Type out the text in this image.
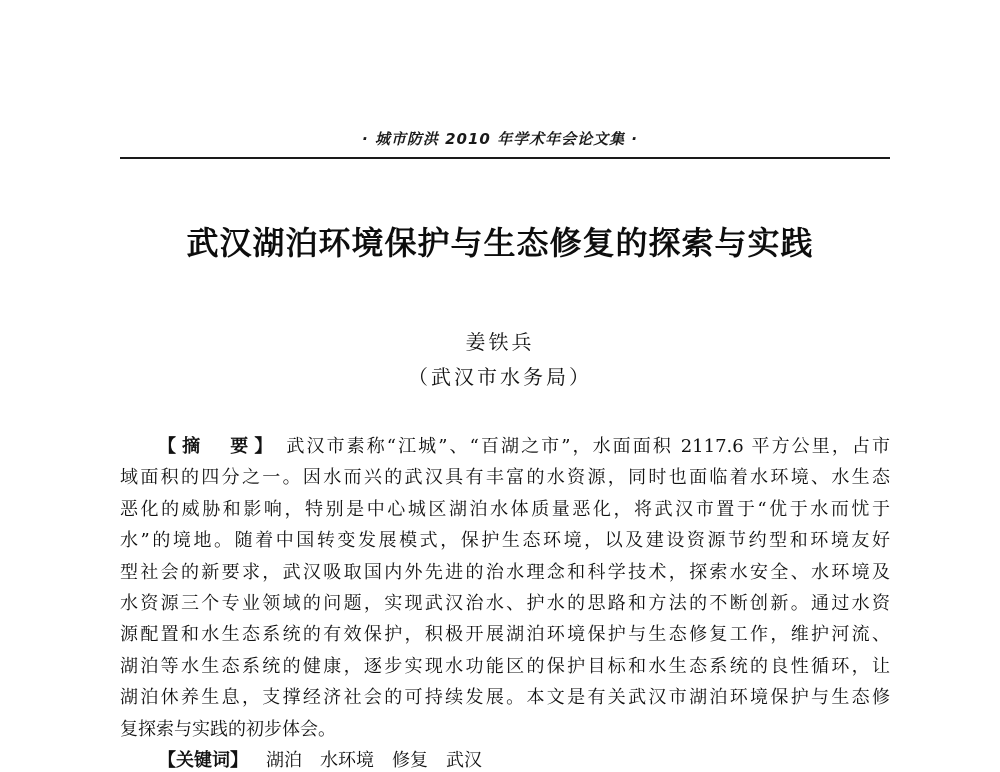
· 城市防洪 2010 年学术年会论文集 ·
武汉湖泊环境保护与生态修复的探索与实践
姜铁兵
（武汉市水务局）
【摘　要】 武汉市素称“江城”、“百湖之市”，水面面积 2117.6 平方公里，占市
域面积的四分之一。因水而兴的武汉具有丰富的水资源，同时也面临着水环境、水生态
恶化的威胁和影响，特别是中心城区湖泊水体质量恶化，将武汉市置于“优于水而忧于
水”的境地。随着中国转变发展模式，保护生态环境，以及建设资源节约型和环境友好
型社会的新要求，武汉吸取国内外先进的治水理念和科学技术，探索水安全、水环境及
水资源三个专业领域的问题，实现武汉治水、护水的思路和方法的不断创新。通过水资
源配置和水生态系统的有效保护，积极开展湖泊环境保护与生态修复工作，维护河流、
湖泊等水生态系统的健康，逐步实现水功能区的保护目标和水生态系统的良性循环，让
湖泊休养生息，支撑经济社会的可持续发展。本文是有关武汉市湖泊环境保护与生态修
复探索与实践的初步体会。
【关键词】 湖泊　水环境　修复　武汉
